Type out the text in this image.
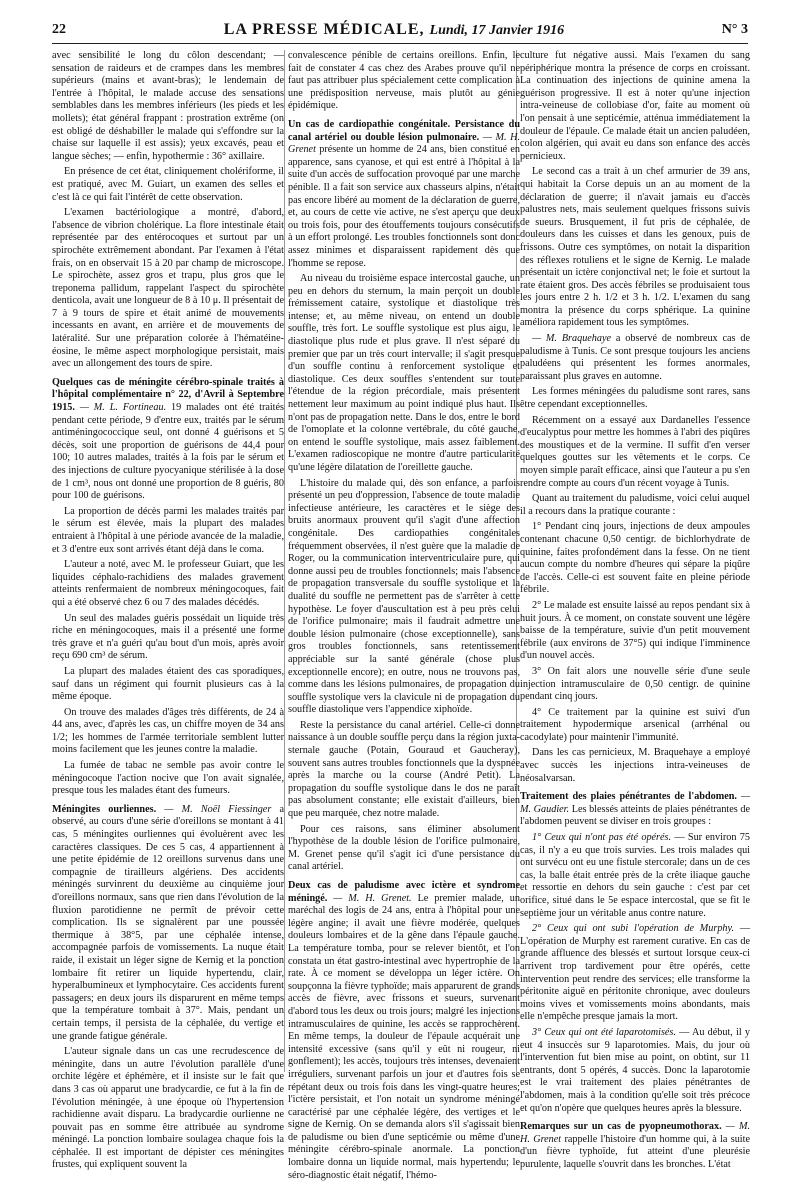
22	LA PRESSE MÉDICALE, Lundi, 17 Janvier 1916	N° 3

avec sensibilité le long du côlon descendant; — sensation de raideurs et de crampes dans les membres supérieurs (mains et avant-bras); le lendemain de l'entrée à l'hôpital, le malade accuse des sensations semblables dans les membres inférieurs (les pieds et les mollets); état général frappant : prostration extrême (on est obligé de déshabiller le malade qui s'effondre sur la chaise sur laquelle il est assis); yeux excavés, peau et langue sèches; — enfin, hypothermie : 36° axillaire.

En présence de cet état, cliniquement cholériforme, il est pratiqué, avec M. Guiart, un examen des selles et c'est là ce qui fait l'intérêt de cette observation.

L'examen bactériologique a montré, d'abord, l'absence de vibrion cholérique. La flore intestinale était représentée par des entérocoques et surtout par un spirochète extrêmement abondant. Par l'examen à l'état frais, on en observait 15 à 20 par champ de microscope. Le spirochète, assez gros et trapu, plus gros que le treponema pallidum, rappelant l'aspect du spirochète denticola, avait une longueur de 8 à 10 μ. Il présentait de 7 à 9 tours de spire et était animé de mouvements incessants en avant, en arrière et de mouvements de latéralité. Sur une préparation colorée à l'hématéine-éosine, le même aspect morphologique persistait, mais avec un allongement des tours de spire.

Quelques cas de méningite cérébro-spinale traités à l'hôpital complémentaire n° 22, d'Avril à Septembre 1915. — M. L. Fortineau. 19 malades ont été traités pendant cette période, 9 d'entre eux, traités par le sérum antiméningococcique seul, ont donné 4 guérisons et 5 décès, soit une proportion de guérisons de 44,4 pour 100; 10 autres malades, traités à la fois par le sérum et des injections de culture pyocyanique stérilisée à la dose de 1 cm³, nous ont donné une proportion de 8 guéris, 80 pour 100 de guérisons.

La proportion de décès parmi les malades traités par le sérum est élevée, mais la plupart des malades entraient à l'hôpital à une période avancée de la maladie, et 3 d'entre eux sont arrivés étant déjà dans le coma.

L'auteur a noté, avec M. le professeur Guiart, que les liquides céphalo-rachidiens des malades gravement atteints renfermaient de nombreux méningocoques, fait qui a été observé chez 6 ou 7 des malades décédés.

Un seul des malades guéris possédait un liquide très riche en méningocoques, mais il a présenté une forme très grave et n'a guéri qu'au bout d'un mois, après avoir reçu 690 cm³ de sérum.

La plupart des malades étaient des cas sporadiques, sauf dans un régiment qui fournit plusieurs cas à la même époque.

On trouve des malades d'âges très différents, de 24 à 44 ans, avec, d'après les cas, un chiffre moyen de 34 ans 1/2; les hommes de l'armée territoriale semblent lutter moins facilement que les jeunes contre la maladie.

La fumée de tabac ne semble pas avoir contre le méningocoque l'action nocive que l'on avait signalée, presque tous les malades étant des fumeurs.

Méningites ourliennes. — M. Noël Fiessinger a observé, au cours d'une série d'oreillons se montant à 41 cas, 5 méningites ourliennes qui évoluèrent avec les caractères classiques. De ces 5 cas, 4 appartiennent à une petite épidémie de 12 oreillons survenus dans une compagnie de tirailleurs algériens. Des accidents méningés survinrent du deuxième au cinquième jour d'oreillons normaux, sans que rien dans l'évolution de la fluxion parotidienne ne permît de prévoir cette complication. Ils se signalèrent par une poussée thermique à 38°5, par une céphalée intense, accompagnée parfois de vomissements. La nuque était raide, il existait un léger signe de Kernig et la ponction lombaire fit retirer un liquide hypertendu, clair, hyperalbumineux et lymphocytaire. Ces accidents furent passagers; en deux jours ils disparurent en même temps que la température tombait à 37°. Mais, pendant un certain temps, il persista de la céphalée, du vertige et une grande fatigue générale.

L'auteur signale dans un cas une recrudescence de méningite, dans un autre l'évolution parallèle d'une orchite légère et éphémère, et il insiste sur le fait que dans 3 cas où apparut une bradycardie, ce fut à la fin de l'évolution méningée, à une époque où l'hypertension rachidienne avait disparu. La bradycardie ourlienne ne pouvait pas en somme être attribuée au syndrome méningé. La ponction lombaire soulagea chaque fois la céphalée. Il est important de dépister ces méningites frustes, qui expliquent souvent la

convalescence pénible de certains oreillons. Enfin, le fait de constater 4 cas chez des Arabes prouve qu'il ne faut pas attribuer plus spécialement cette complication à une prédisposition nerveuse, mais plutôt au génie épidémique.

Un cas de cardiopathie congénitale. Persistance du canal artériel ou double lésion pulmonaire. — M. H. Grenet présente un homme de 24 ans, bien constitué en apparence, sans cyanose, et qui est entré à l'hôpital à la suite d'un accès de suffocation provoqué par une marche pénible. Il a fait son service aux chasseurs alpins, n'était pas encore libéré au moment de la déclaration de guerre, et, au cours de cette vie active, ne s'est aperçu que deux ou trois fois, pour des étouffements toujours consécutifs à un effort prolongé. Les troubles fonctionnels sont donc assez minimes et disparaissent rapidement dès que l'homme se repose.

Au niveau du troisième espace intercostal gauche, un peu en dehors du sternum, la main perçoit un double frémissement cataire, systolique et diastolique très intense; et, au même niveau, on entend un double souffle, très fort. Le souffle systolique est plus aigu, le diastolique plus rude et plus grave. Il n'est séparé du premier que par un très court intervalle; il s'agit presque d'un souffle continu à renforcement systolique et diastolique. Ces deux souffles s'entendent sur toute l'étendue de la région précordiale, mais présentent nettement leur maximum au point indiqué plus haut. Ils n'ont pas de propagation nette. Dans le dos, entre le bord de l'omoplate et la colonne vertébrale, du côté gauche, on entend le souffle systolique, mais assez faiblement. L'examen radioscopique ne montre d'autre particularité qu'une légère dilatation de l'oreillette gauche.

L'histoire du malade qui, dès son enfance, a parfois présenté un peu d'oppression, l'absence de toute maladie infectieuse antérieure, les caractères et le siège des bruits anormaux prouvent qu'il s'agit d'une affection congénitale. Des cardiopathies congénitales fréquemment observées, il n'est guère que la maladie de Roger, ou la communication interventriculaire pure, qui donne aussi peu de troubles fonctionnels; mais l'absence de propagation transversale du souffle systolique et la dualité du souffle ne permettent pas de s'arrêter à cette hypothèse. Le foyer d'auscultation est à peu près celui de l'orifice pulmonaire; mais il faudrait admettre une double lésion pulmonaire (chose exceptionnelle), sans gros troubles fonctionnels, sans retentissement appréciable sur la santé générale (chose plus exceptionnelle encore); en outre, nous ne trouvons pas, comme dans les lésions pulmonaires, de propagation du souffle systolique vers la clavicule ni de propagation du souffle diastolique vers l'appendice xiphoïde.

Reste la persistance du canal artériel. Celle-ci donne naissance à un double souffle perçu dans la région juxta-sternale gauche (Potain, Gouraud et Gaucheray), souvent sans autres troubles fonctionnels que la dyspnée après la marche ou la course (André Petit). La propagation du souffle systolique dans le dos ne paraît pas absolument constante; elle existait d'ailleurs, bien que peu marquée, chez notre malade.

Pour ces raisons, sans éliminer absolument l'hypothèse de la double lésion de l'orifice pulmonaire, M. Grenet pense qu'il s'agit ici d'une persistance du canal artériel.

Deux cas de paludisme avec ictère et syndrome méningé. — M. H. Grenet. Le premier malade, un maréchal des logis de 24 ans, entra à l'hôpital pour une légère angine; il avait une fièvre modérée, quelques douleurs lombaires et de la gêne dans l'épaule gauche. La température tomba, pour se relever bientôt, et l'on constata un état gastro-intestinal avec hypertrophie de la rate. À ce moment se développa un léger ictère. On soupçonna la fièvre typhoïde; mais apparurent de grands accès de fièvre, avec frissons et sueurs, survenant d'abord tous les deux ou trois jours; malgré les injections intramusculaires de quinine, les accès se rapprochèrent. En même temps, la douleur de l'épaule acquérait une intensité excessive (sans qu'il y eût ni rougeur, ni gonflement); les accès, toujours très intenses, devenaient irréguliers, survenant parfois un jour et d'autres fois se répétant deux ou trois fois dans les vingt-quatre heures; l'ictère persistait, et l'on notait un syndrome méningé caractérisé par une céphalée légère, des vertiges et le signe de Kernig. On se demanda alors s'il s'agissait bien de paludisme ou bien d'une septicémie ou même d'une méningite cérébro-spinale anormale. La ponction lombaire donna un liquide normal, mais hypertendu; le séro-diagnostic était négatif, l'hémo-

culture fut négative aussi. Mais l'examen du sang périphérique montra la présence de corps en croissant. La continuation des injections de quinine amena la guérison progressive. Il est à noter qu'une injection intra-veineuse de collobiase d'or, faite au moment où l'on pensait à une septicémie, atténua immédiatement la douleur de l'épaule. Ce malade était un ancien paludéen, colon algérien, qui avait eu dans son enfance des accès pernicieux.

Le second cas a trait à un chef armurier de 39 ans, qui habitait la Corse depuis un an au moment de la déclaration de guerre; il n'avait jamais eu d'accès palustres nets, mais seulement quelques frissons suivis de sueurs. Brusquement, il fut pris de céphalée, de douleurs dans les cuisses et dans les genoux, puis de frissons. Outre ces symptômes, on notait la disparition des réflexes rotuliens et le signe de Kernig. Le malade présentait un ictère conjonctival net; le foie et surtout la rate étaient gros. Des accès fébriles se produisaient tous les jours entre 2 h. 1/2 et 3 h. 1/2. L'examen du sang montra la présence du corps sphérique. La quinine améliora rapidement tous les symptômes.

— M. Braquehaye a observé de nombreux cas de paludisme à Tunis. Ce sont presque toujours les anciens paludéens qui présentent les formes anormales, paraissant plus graves en automne.

Les formes méningées du paludisme sont rares, sans être cependant exceptionnelles.

Récemment on a essayé aux Dardanelles l'essence d'eucalyptus pour mettre les hommes à l'abri des piqûres des moustiques et de la vermine. Il suffit d'en verser quelques gouttes sur les vêtements et le corps. Ce moyen simple paraît efficace, ainsi que l'auteur a pu s'en rendre compte au cours d'un récent voyage à Tunis.

Quant au traitement du paludisme, voici celui auquel il a recours dans la pratique courante :

1° Pendant cinq jours, injections de deux ampoules contenant chacune 0,50 centigr. de bichlorhydrate de quinine, faites profondément dans la fesse. On ne tient aucun compte du nombre d'heures qui sépare la piqûre de l'accès. Celle-ci est souvent faite en pleine période fébrile.

2° Le malade est ensuite laissé au repos pendant six à huit jours. À ce moment, on constate souvent une légère baisse de la température, suivie d'un petit mouvement fébrile (aux environs de 37°5) qui indique l'imminence d'un nouvel accès.

3° On fait alors une nouvelle série d'une seule injection intramusculaire de 0,50 centigr. de quinine pendant cinq jours.

4° Ce traitement par la quinine est suivi d'un traitement hypodermique arsenical (arrhénal ou cacodylate) pour maintenir l'immunité.

Dans les cas pernicieux, M. Braquehaye a employé avec succès les injections intra-veineuses de néosalvarsan.

Traitement des plaies pénétrantes de l'abdomen. — M. Gaudier. Les blessés atteints de plaies pénétrantes de l'abdomen peuvent se diviser en trois groupes :

1° Ceux qui n'ont pas été opérés. — Sur environ 75 cas, il n'y a eu que trois survies. Les trois malades qui ont survécu ont eu une fistule stercorale; dans un de ces cas, la balle était entrée près de la crête iliaque gauche et ressortie en dehors du sein gauche : c'est par cet orifice, situé dans le 5e espace intercostal, que se fit le septième jour un véritable anus contre nature.

2° Ceux qui ont subi l'opération de Murphy. — L'opération de Murphy est rarement curative. En cas de grande affluence des blessés et surtout lorsque ceux-ci arrivent trop tardivement pour être opérés, cette intervention peut rendre des services; elle transforme la péritonite aiguë en péritonite chronique, avec douleurs moins vives et vomissements moins abondants, mais elle n'empêche presque jamais la mort.

3° Ceux qui ont été laparotomisés. — Au début, il y eut 4 insuccès sur 9 laparotomies. Mais, du jour où l'intervention fut bien mise au point, on obtint, sur 11 entrants, dont 5 opérés, 4 succès. Donc la laparotomie est le vrai traitement des plaies pénétrantes de l'abdomen, mais à la condition qu'elle soit très précoce et qu'on n'opère que quelques heures après la blessure.

Remarques sur un cas de pyopneumothorax. — M. H. Grenet rappelle l'histoire d'un homme qui, à la suite d'un fièvre typhoïde, fut atteint d'une pleurésie purulente, laquelle s'ouvrit dans les bronches. L'état
